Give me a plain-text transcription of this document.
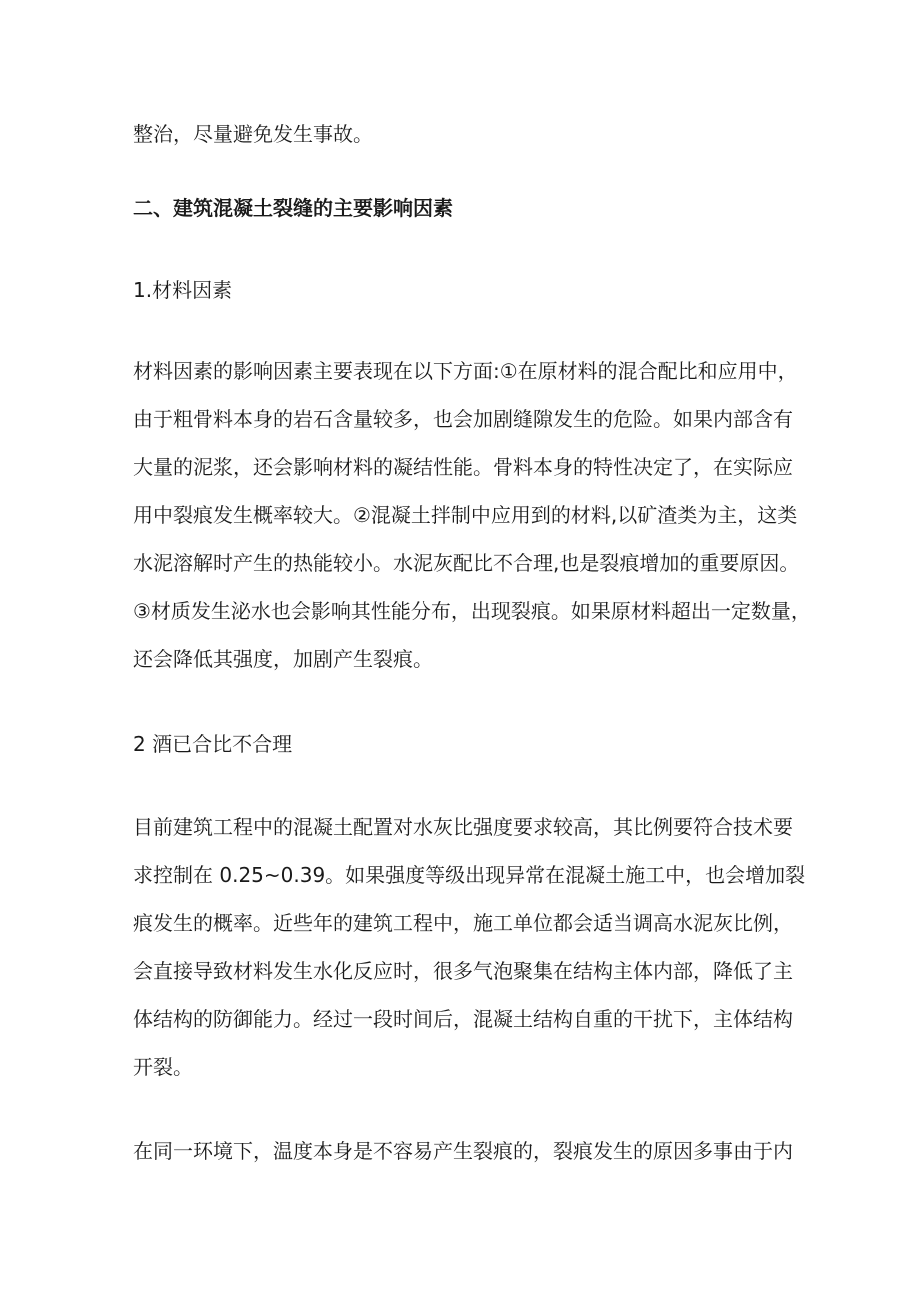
整治，尽量避免发生事故。
二、建筑混凝土裂缝的主要影响因素
1.材料因素
材料因素的影响因素主要表现在以下方面:①在原材料的混合配比和应用中，
由于粗骨料本身的岩石含量较多，也会加剧缝隙发生的危险。如果内部含有
大量的泥浆，还会影响材料的凝结性能。骨料本身的特性决定了，在实际应
用中裂痕发生概率较大。②混凝土拌制中应用到的材料,以矿渣类为主，这类
水泥溶解时产生的热能较小。水泥灰配比不合理,也是裂痕增加的重要原因。
③材质发生泌水也会影响其性能分布，出现裂痕。如果原材料超出一定数量，
还会降低其强度，加剧产生裂痕。
2 酒已合比不合理
目前建筑工程中的混凝土配置对水灰比强度要求较高，其比例要符合技术要
求控制在 0.25~0.39。如果强度等级出现异常在混凝土施工中，也会增加裂
痕发生的概率。近些年的建筑工程中，施工单位都会适当调高水泥灰比例，
会直接导致材料发生水化反应时，很多气泡聚集在结构主体内部，降低了主
体结构的防御能力。经过一段时间后，混凝土结构自重的干扰下，主体结构
开裂。
在同一环境下，温度本身是不容易产生裂痕的，裂痕发生的原因多事由于内
